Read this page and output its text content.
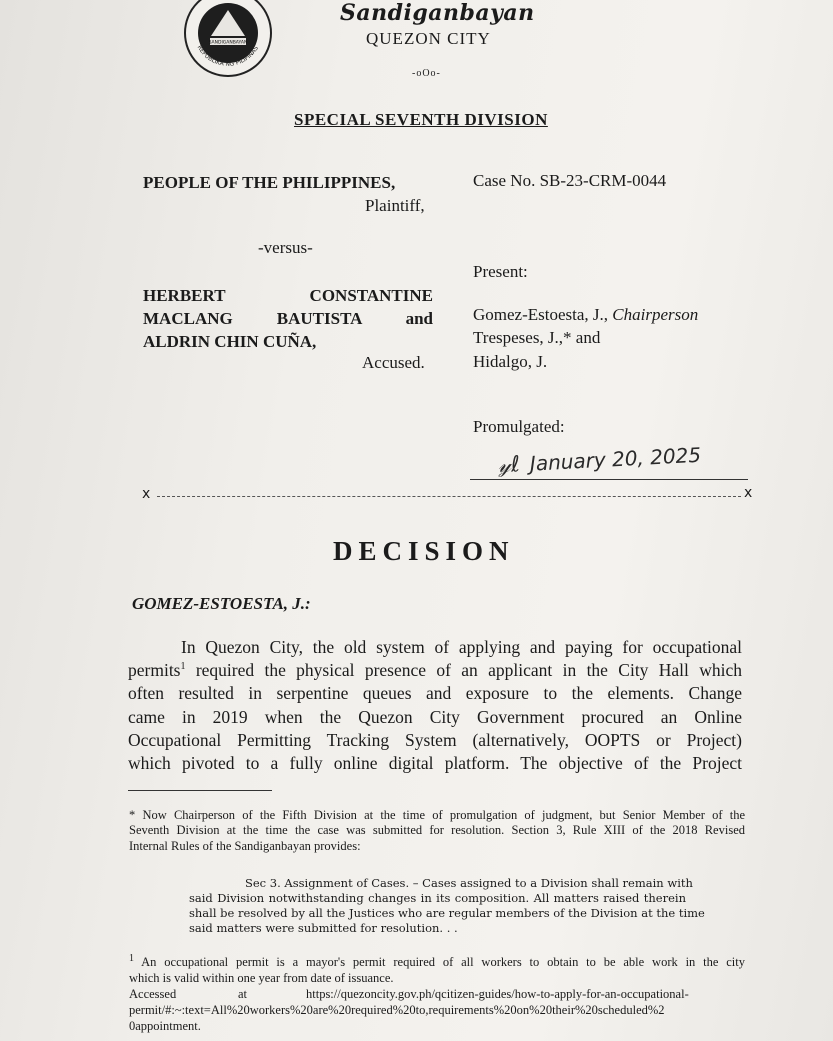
SANDIGANBAYAN
REPUBLIKA NG PILIPINAS
Sandiganbayan
QUEZON CITY
-oOo-
SPECIAL SEVENTH DIVISION
PEOPLE OF THE PHILIPPINES,	Case No. SB-23-CRM-0044
Plaintiff,
-versus-
Present:
HERBERT CONSTANTINE
MACLANG BAUTISTA and
ALDRIN CHIN CUÑA,
Accused.
Gomez-Estoesta, J., Chairperson
Trespeses, J.,* and
Hidalgo, J.
Promulgated:
𝓎ℓ January 20, 2025
x	x
DECISION
GOMEZ-ESTOESTA, J.:
In Quezon City, the old system of applying and paying for occupational
permits$^1$ required the physical presence of an applicant in the City Hall which
often resulted in serpentine queues and exposure to the elements. Change
came in 2019 when the Quezon City Government procured an Online
Occupational Permitting Tracking System (alternatively, OOPTS or Project)
which pivoted to a fully online digital platform. The objective of the Project
* Now Chairperson of the Fifth Division at the time of promulgation of judgment, but Senior Member of the
Seventh Division at the time the case was submitted for resolution. Section 3, Rule XIII of the 2018 Revised
Internal Rules of the Sandiganbayan provides:
Sec 3. Assignment of Cases. – Cases assigned to a Division shall remain with
said Division notwithstanding changes in its composition. All matters raised therein
shall be resolved by all the Justices who are regular members of the Division at the time
said matters were submitted for resolution. . .
$^1$ An occupational permit is a mayor's permit required of all workers to obtain to be able work in the city
which is valid within one year from date of issuance.
Accessed	at	https://quezoncity.gov.ph/qcitizen-guides/how-to-apply-for-an-occupational-
permit/#:~:text=All%20workers%20are%20required%20to,requirements%20on%20their%20scheduled%2
0appointment.
